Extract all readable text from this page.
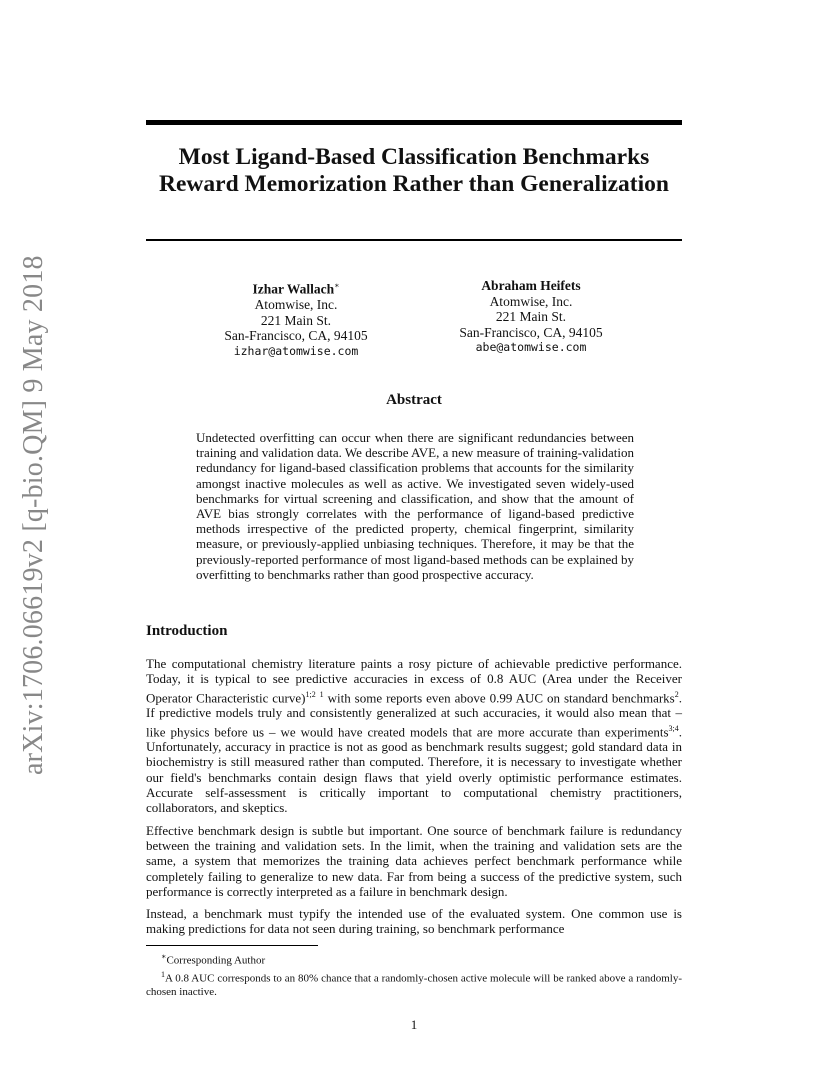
arXiv:1706.06619v2 [q-bio.QM] 9 May 2018
Most Ligand-Based Classification Benchmarks Reward Memorization Rather than Generalization
Izhar Wallach∗
Atomwise, Inc.
221 Main St.
San-Francisco, CA, 94105
izhar@atomwise.com
Abraham Heifets
Atomwise, Inc.
221 Main St.
San-Francisco, CA, 94105
abe@atomwise.com
Abstract
Undetected overfitting can occur when there are significant redundancies between training and validation data. We describe AVE, a new measure of training-validation redundancy for ligand-based classification problems that accounts for the similarity amongst inactive molecules as well as active. We investigated seven widely-used benchmarks for virtual screening and classification, and show that the amount of AVE bias strongly correlates with the performance of ligand-based predictive methods irrespective of the predicted property, chemical fingerprint, similarity measure, or previously-applied unbiasing techniques. Therefore, it may be that the previously-reported performance of most ligand-based methods can be explained by overfitting to benchmarks rather than good prospective accuracy.
Introduction

The computational chemistry literature paints a rosy picture of achievable predictive performance. Today, it is typical to see predictive accuracies in excess of 0.8 AUC (Area under the Receiver Operator Characteristic curve)$^{1;2}$ $^1$ with some reports even above 0.99 AUC on standard benchmarks$^2$. If predictive models truly and consistently generalized at such accuracies, it would also mean that – like physics before us – we would have created models that are more accurate than experiments$^{3;4}$. Unfortunately, accuracy in practice is not as good as benchmark results suggest; gold standard data in biochemistry is still measured rather than computed. Therefore, it is necessary to investigate whether our field's benchmarks contain design flaws that yield overly optimistic performance estimates. Accurate self-assessment is critically important to computational chemistry practitioners, collaborators, and skeptics.

Effective benchmark design is subtle but important. One source of benchmark failure is redundancy between the training and validation sets. In the limit, when the training and validation sets are the same, a system that memorizes the training data achieves perfect benchmark performance while completely failing to generalize to new data. Far from being a success of the predictive system, such performance is correctly interpreted as a failure in benchmark design.

Instead, a benchmark must typify the intended use of the evaluated system. One common use is making predictions for data not seen during training, so benchmark performance

∗Corresponding Author
$^1$A 0.8 AUC corresponds to an 80% chance that a randomly-chosen active molecule will be ranked above a randomly-chosen inactive.
1
